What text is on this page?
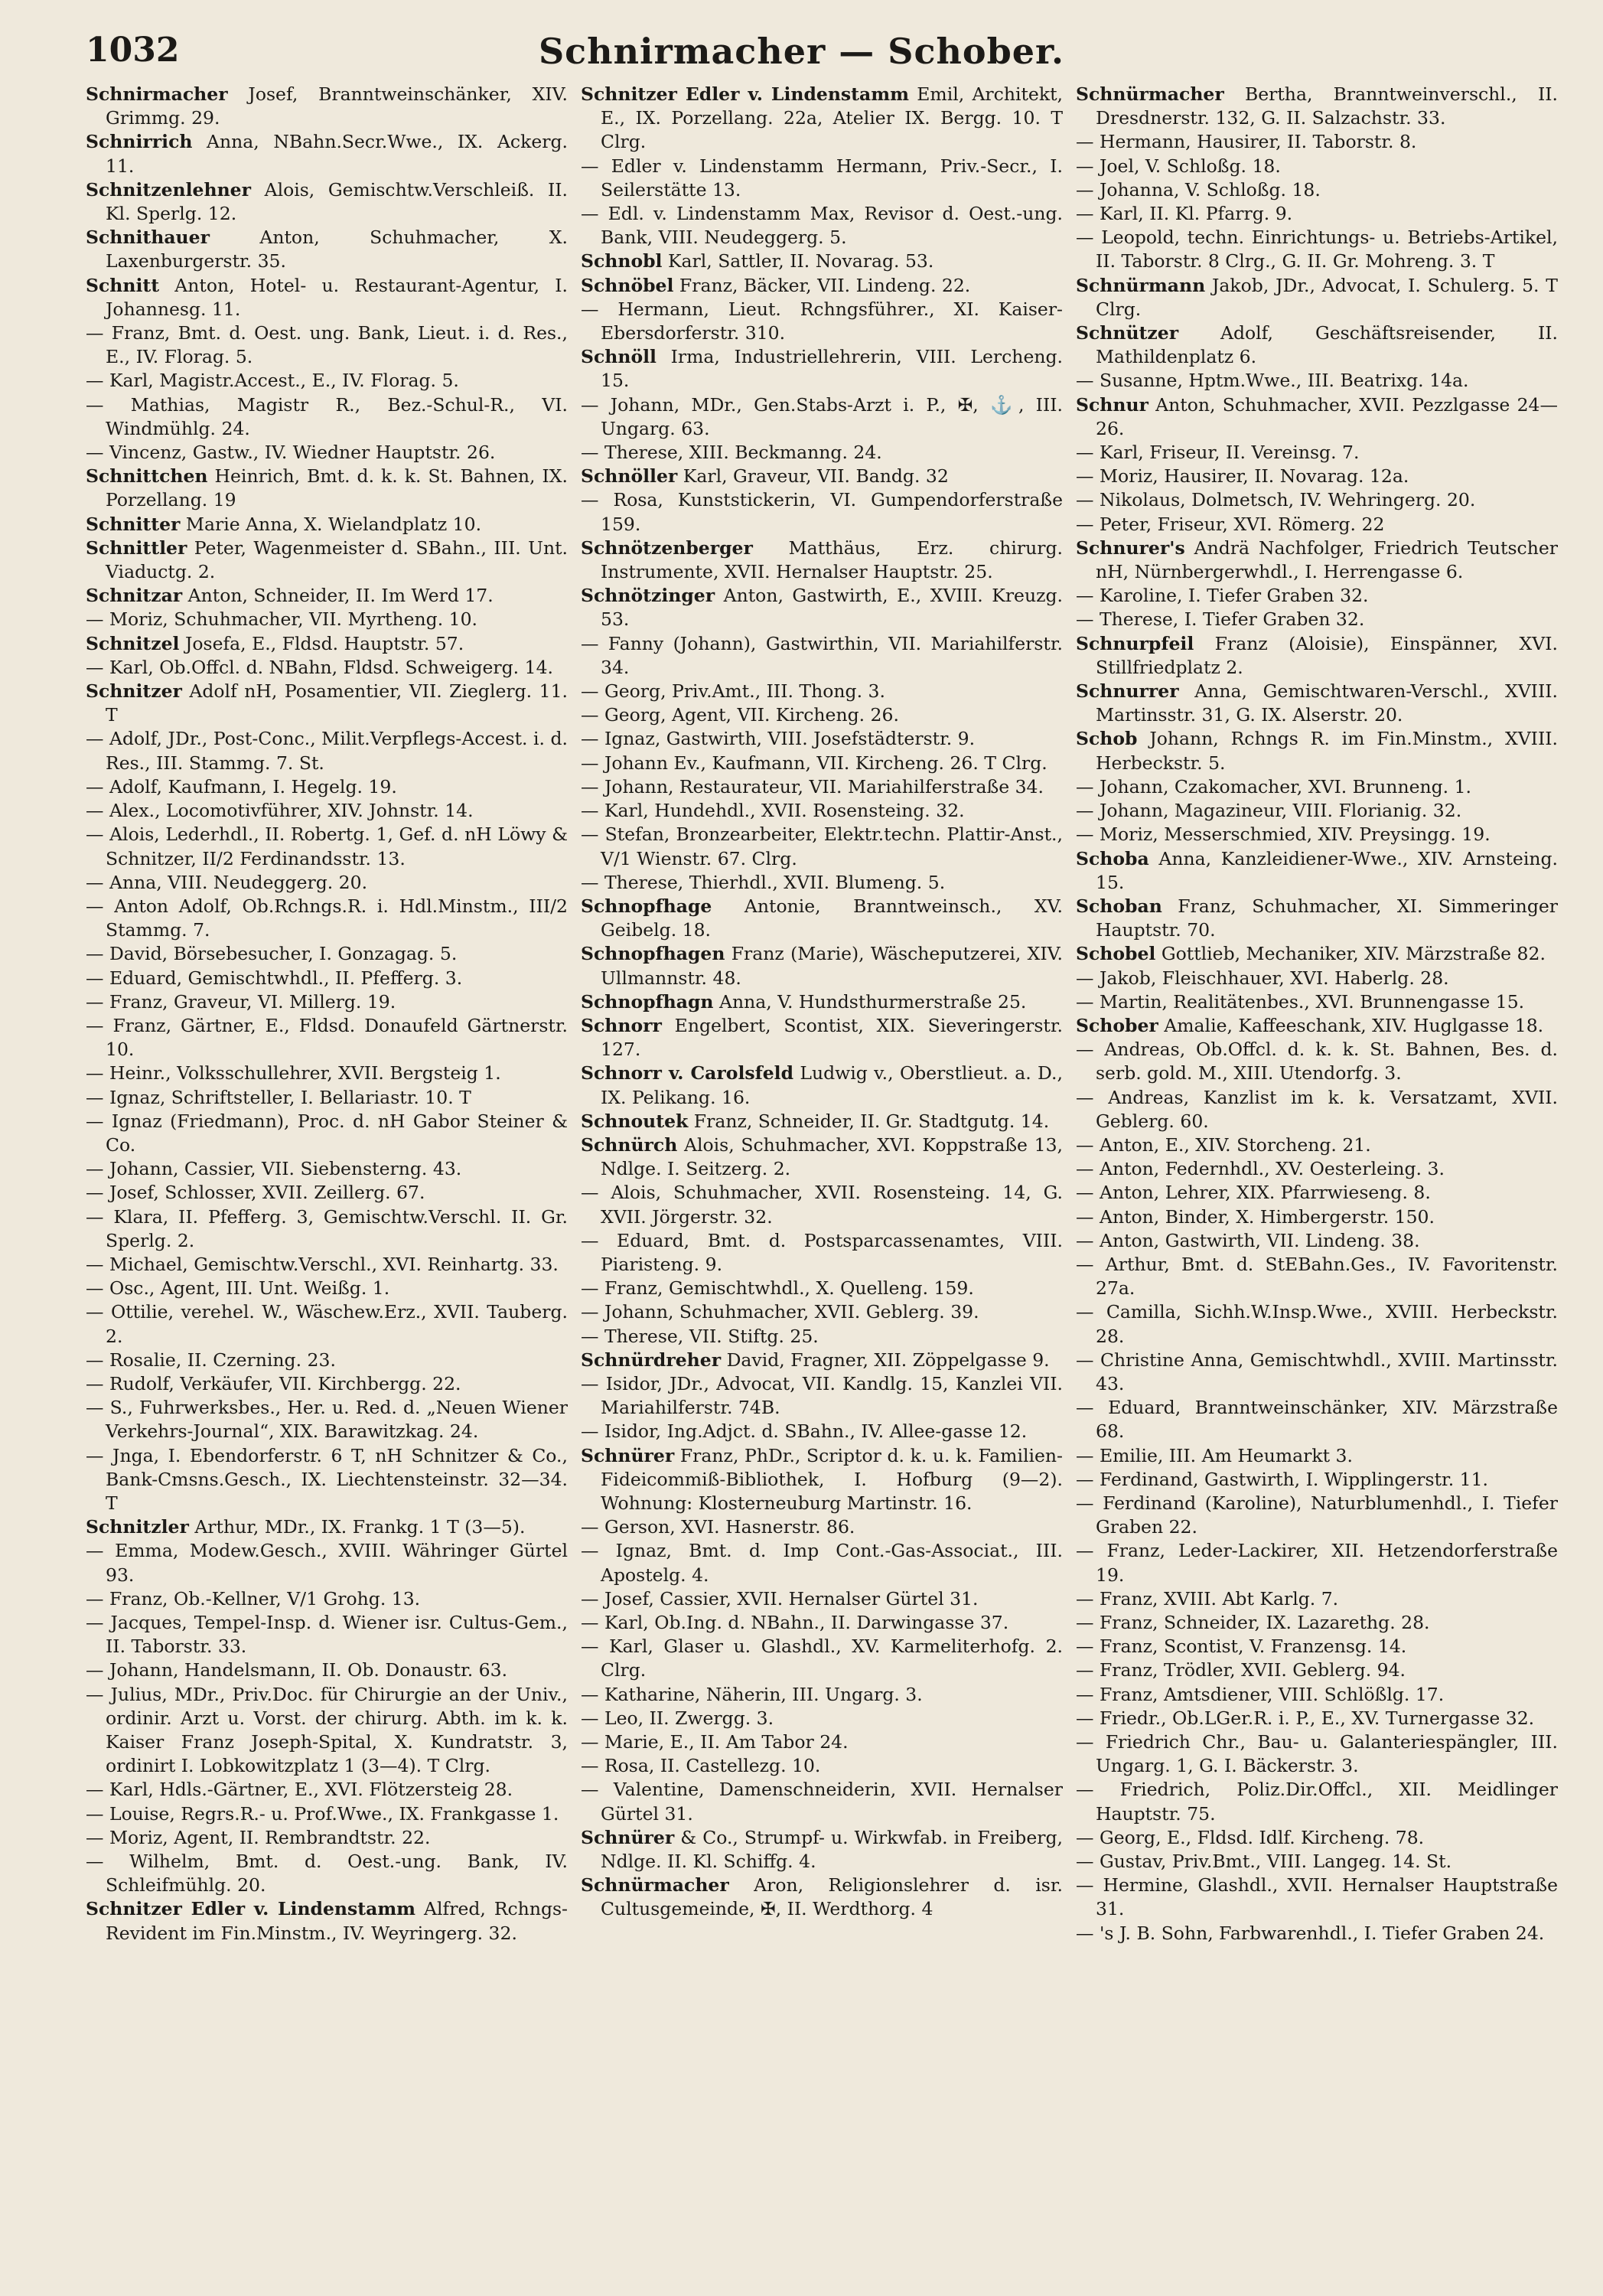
1032	Schnirmacher — Schober.

Schnirmacher Josef, Branntweinschänker, XIV. Grimmg. 29.

Schnirrich Anna, NBahn.Secr.Wwe., IX. Ackerg. 11.

Schnitzenlehner Alois, Gemischtw.Verschleiß. II. Kl. Sperlg. 12.

Schnithauer Anton, Schuhmacher, X. Laxenburgerstr. 35.

Schnitt Anton, Hotel- u. Restaurant-Agentur, I. Johannesg. 11.

— Franz, Bmt. d. Oest. ung. Bank, Lieut. i. d. Res., E., IV. Florag. 5.

— Karl, Magistr.Accest., E., IV. Florag. 5.

— Mathias, Magistr R., Bez.-Schul-R., VI. Windmühlg. 24.

— Vincenz, Gastw., IV. Wiedner Hauptstr. 26.

Schnittchen Heinrich, Bmt. d. k. k. St. Bahnen, IX. Porzellang. 19

Schnitter Marie Anna, X. Wielandplatz 10.

Schnittler Peter, Wagenmeister d. SBahn., III. Unt. Viaductg. 2.

Schnitzar Anton, Schneider, II. Im Werd 17.

— Moriz, Schuhmacher, VII. Myrtheng. 10.

Schnitzel Josefa, E., Fldsd. Hauptstr. 57.

— Karl, Ob.Offcl. d. NBahn, Fldsd. Schweigerg. 14.

Schnitzer Adolf nH, Posamentier, VII. Zieglerg. 11. T

— Adolf, JDr., Post-Conc., Milit.Verpflegs-Accest. i. d. Res., III. Stammg. 7. St.

— Adolf, Kaufmann, I. Hegelg. 19.

— Alex., Locomotivführer, XIV. Johnstr. 14.

— Alois, Lederhdl., II. Robertg. 1, Gef. d. nH Löwy & Schnitzer, II/2 Ferdinandsstr. 13.

— Anna, VIII. Neudeggerg. 20.

— Anton Adolf, Ob.Rchngs.R. i. Hdl.Minstm., III/2 Stammg. 7.

— David, Börsebesucher, I. Gonzagag. 5.

— Eduard, Gemischtwhdl., II. Pfefferg. 3.

— Franz, Graveur, VI. Millerg. 19.

— Franz, Gärtner, E., Fldsd. Donaufeld Gärtnerstr. 10.

— Heinr., Volksschullehrer, XVII. Bergsteig 1.

— Ignaz, Schriftsteller, I. Bellariastr. 10. T

— Ignaz (Friedmann), Proc. d. nH Gabor Steiner & Co.

— Johann, Cassier, VII. Siebensterng. 43.

— Josef, Schlosser, XVII. Zeillerg. 67.

— Klara, II. Pfefferg. 3, Gemischtw.Verschl. II. Gr. Sperlg. 2.

— Michael, Gemischtw.Verschl., XVI. Reinhartg. 33.

— Osc., Agent, III. Unt. Weißg. 1.

— Ottilie, verehel. W., Wäschew.Erz., XVII. Tauberg. 2.

— Rosalie, II. Czerning. 23.

— Rudolf, Verkäufer, VII. Kirchbergg. 22.

— S., Fuhrwerksbes., Her. u. Red. d. „Neuen Wiener Verkehrs-Journal“, XIX. Barawitzkag. 24.

— Jnga, I. Ebendorferstr. 6 T, nH Schnitzer & Co., Bank-Cmsns.Gesch., IX. Liechtensteinstr. 32—34. T

Schnitzler Arthur, MDr., IX. Frankg. 1 T (3—5).

— Emma, Modew.Gesch., XVIII. Währinger Gürtel 93.

— Franz, Ob.-Kellner, V/1 Grohg. 13.

— Jacques, Tempel-Insp. d. Wiener isr. Cultus-Gem., II. Taborstr. 33.

— Johann, Handelsmann, II. Ob. Donaustr. 63.

— Julius, MDr., Priv.Doc. für Chirurgie an der Univ., ordinir. Arzt u. Vorst. der chirurg. Abth. im k. k. Kaiser Franz Joseph-Spital, X. Kundratstr. 3, ordinirt I. Lobkowitzplatz 1 (3—4). T Clrg.

— Karl, Hdls.-Gärtner, E., XVI. Flötzersteig 28.

— Louise, Regrs.R.- u. Prof.Wwe., IX. Frankgasse 1.

— Moriz, Agent, II. Rembrandtstr. 22.

— Wilhelm, Bmt. d. Oest.-ung. Bank, IV. Schleifmühlg. 20.

Schnitzer Edler v. Lindenstamm Alfred, Rchngs-Revident im Fin.Minstm., IV. Weyringerg. 32.

Schnitzer Edler v. Lindenstamm Emil, Architekt, E., IX. Porzellang. 22a, Atelier IX. Bergg. 10. T Clrg.

— Edler v. Lindenstamm Hermann, Priv.-Secr., I. Seilerstätte 13.

— Edl. v. Lindenstamm Max, Revisor d. Oest.-ung. Bank, VIII. Neudeggerg. 5.

Schnobl Karl, Sattler, II. Novarag. 53.

Schnöbel Franz, Bäcker, VII. Lindeng. 22.

— Hermann, Lieut. Rchngsführer., XI. Kaiser-Ebersdorferstr. 310.

Schnöll Irma, Industriellehrerin, VIII. Lercheng. 15.

— Johann, MDr., Gen.Stabs-Arzt i. P., ✠, ⚓, III. Ungarg. 63.

— Therese, XIII. Beckmanng. 24.

Schnöller Karl, Graveur, VII. Bandg. 32

— Rosa, Kunststickerin, VI. Gumpendorferstraße 159.

Schnötzenberger Matthäus, Erz. chirurg. Instrumente, XVII. Hernalser Hauptstr. 25.

Schnötzinger Anton, Gastwirth, E., XVIII. Kreuzg. 53.

— Fanny (Johann), Gastwirthin, VII. Mariahilferstr. 34.

— Georg, Priv.Amt., III. Thong. 3.

— Georg, Agent, VII. Kircheng. 26.

— Ignaz, Gastwirth, VIII. Josefstädterstr. 9.

— Johann Ev., Kaufmann, VII. Kircheng. 26. T Clrg.

— Johann, Restaurateur, VII. Mariahilferstraße 34.

— Karl, Hundehdl., XVII. Rosensteing. 32.

— Stefan, Bronzearbeiter, Elektr.techn. Plattir-Anst., V/1 Wienstr. 67. Clrg.

— Therese, Thierhdl., XVII. Blumeng. 5.

Schnopfhage Antonie, Branntweinsch., XV. Geibelg. 18.

Schnopfhagen Franz (Marie), Wäscheputzerei, XIV. Ullmannstr. 48.

Schnopfhagn Anna, V. Hundsthurmerstraße 25.

Schnorr Engelbert, Scontist, XIX. Sieveringerstr. 127.

Schnorr v. Carolsfeld Ludwig v., Oberstlieut. a. D., IX. Pelikang. 16.

Schnoutek Franz, Schneider, II. Gr. Stadtgutg. 14.

Schnürch Alois, Schuhmacher, XVI. Koppstraße 13, Ndlge. I. Seitzerg. 2.

— Alois, Schuhmacher, XVII. Rosensteing. 14, G. XVII. Jörgerstr. 32.

— Eduard, Bmt. d. Postsparcassenamtes, VIII. Piaristeng. 9.

— Franz, Gemischtwhdl., X. Quelleng. 159.

— Johann, Schuhmacher, XVII. Geblerg. 39.

— Therese, VII. Stiftg. 25.

Schnürdreher David, Fragner, XII. Zöppelgasse 9.

— Isidor, JDr., Advocat, VII. Kandlg. 15, Kanzlei VII. Mariahilferstr. 74B.

— Isidor, Ing.Adjct. d. SBahn., IV. Allee-gasse 12.

Schnürer Franz, PhDr., Scriptor d. k. u. k. Familien-Fideicommiß-Bibliothek, I. Hofburg (9—2). Wohnung: Klosterneuburg Martinstr. 16.

— Gerson, XVI. Hasnerstr. 86.

— Ignaz, Bmt. d. Imp Cont.-Gas-Associat., III. Apostelg. 4.

— Josef, Cassier, XVII. Hernalser Gürtel 31.

— Karl, Ob.Ing. d. NBahn., II. Darwingasse 37.

— Karl, Glaser u. Glashdl., XV. Karmeliterhofg. 2. Clrg.

— Katharine, Näherin, III. Ungarg. 3.

— Leo, II. Zwergg. 3.

— Marie, E., II. Am Tabor 24.

— Rosa, II. Castellezg. 10.

— Valentine, Damenschneiderin, XVII. Hernalser Gürtel 31.

Schnürer & Co., Strumpf- u. Wirkwfab. in Freiberg, Ndlge. II. Kl. Schiffg. 4.

Schnürmacher Aron, Religionslehrer d. isr. Cultusgemeinde, ✠, II. Werdthorg. 4

Schnürmacher Bertha, Branntweinverschl., II. Dresdnerstr. 132, G. II. Salzachstr. 33.

— Hermann, Hausirer, II. Taborstr. 8.

— Joel, V. Schloßg. 18.

— Johanna, V. Schloßg. 18.

— Karl, II. Kl. Pfarrg. 9.

— Leopold, techn. Einrichtungs- u. Betriebs-Artikel, II. Taborstr. 8 Clrg., G. II. Gr. Mohreng. 3. T

Schnürmann Jakob, JDr., Advocat, I. Schulerg. 5. T Clrg.

Schnützer Adolf, Geschäftsreisender, II. Mathildenplatz 6.

— Susanne, Hptm.Wwe., III. Beatrixg. 14a.

Schnur Anton, Schuhmacher, XVII. Pezzlgasse 24—26.

— Karl, Friseur, II. Vereinsg. 7.

— Moriz, Hausirer, II. Novarag. 12a.

— Nikolaus, Dolmetsch, IV. Wehringerg. 20.

— Peter, Friseur, XVI. Römerg. 22

Schnurer's Andrä Nachfolger, Friedrich Teutscher nH, Nürnbergerwhdl., I. Herrengasse 6.

— Karoline, I. Tiefer Graben 32.

— Therese, I. Tiefer Graben 32.

Schnurpfeil Franz (Aloisie), Einspänner, XVI. Stillfriedplatz 2.

Schnurrer Anna, Gemischtwaren-Verschl., XVIII. Martinsstr. 31, G. IX. Alserstr. 20.

Schob Johann, Rchngs R. im Fin.Minstm., XVIII. Herbeckstr. 5.

— Johann, Czakomacher, XVI. Brunneng. 1.

— Johann, Magazineur, VIII. Florianig. 32.

— Moriz, Messerschmied, XIV. Preysingg. 19.

Schoba Anna, Kanzleidiener-Wwe., XIV. Arnsteing. 15.

Schoban Franz, Schuhmacher, XI. Simmeringer Hauptstr. 70.

Schobel Gottlieb, Mechaniker, XIV. Märzstraße 82.

— Jakob, Fleischhauer, XVI. Haberlg. 28.

— Martin, Realitätenbes., XVI. Brunnengasse 15.

Schober Amalie, Kaffeeschank, XIV. Huglgasse 18.

— Andreas, Ob.Offcl. d. k. k. St. Bahnen, Bes. d. serb. gold. M., XIII. Utendorfg. 3.

— Andreas, Kanzlist im k. k. Versatzamt, XVII. Geblerg. 60.

— Anton, E., XIV. Storcheng. 21.

— Anton, Federnhdl., XV. Oesterleing. 3.

— Anton, Lehrer, XIX. Pfarrwieseng. 8.

— Anton, Binder, X. Himbergerstr. 150.

— Anton, Gastwirth, VII. Lindeng. 38.

— Arthur, Bmt. d. StEBahn.Ges., IV. Favoritenstr. 27a.

— Camilla, Sichh.W.Insp.Wwe., XVIII. Herbeckstr. 28.

— Christine Anna, Gemischtwhdl., XVIII. Martinsstr. 43.

— Eduard, Branntweinschänker, XIV. Märzstraße 68.

— Emilie, III. Am Heumarkt 3.

— Ferdinand, Gastwirth, I. Wipplingerstr. 11.

— Ferdinand (Karoline), Naturblumenhdl., I. Tiefer Graben 22.

— Franz, Leder-Lackirer, XII. Hetzendorferstraße 19.

— Franz, XVIII. Abt Karlg. 7.

— Franz, Schneider, IX. Lazarethg. 28.

— Franz, Scontist, V. Franzensg. 14.

— Franz, Trödler, XVII. Geblerg. 94.

— Franz, Amtsdiener, VIII. Schlößlg. 17.

— Friedr., Ob.LGer.R. i. P., E., XV. Turnergasse 32.

— Friedrich Chr., Bau- u. Galanteriespängler, III. Ungarg. 1, G. I. Bäckerstr. 3.

— Friedrich, Poliz.Dir.Offcl., XII. Meidlinger Hauptstr. 75.

— Georg, E., Fldsd. Idlf. Kircheng. 78.

— Gustav, Priv.Bmt., VIII. Langeg. 14. St.

— Hermine, Glashdl., XVII. Hernalser Hauptstraße 31.

— 's J. B. Sohn, Farbwarenhdl., I. Tiefer Graben 24.
